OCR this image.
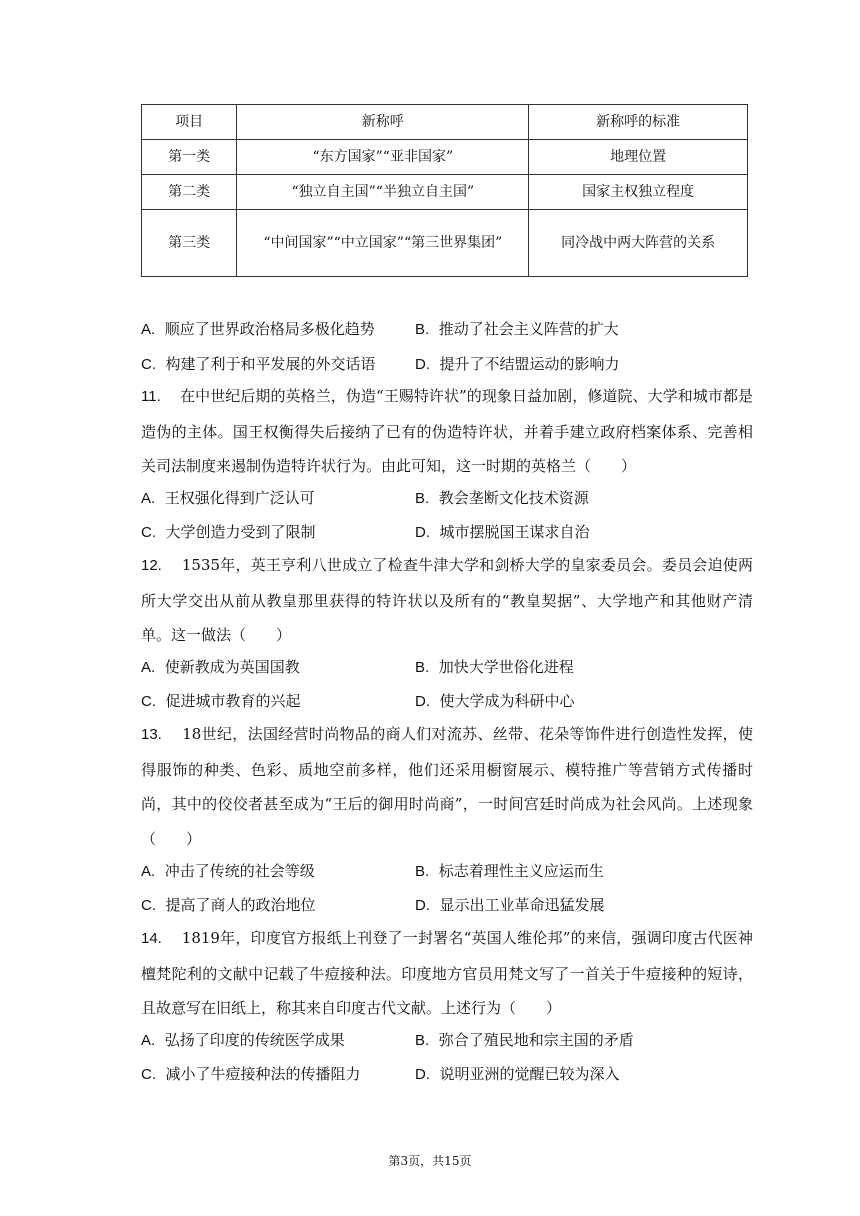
项目	新称呼	新称呼的标准
第一类	“东方国家”“亚非国家”	地理位置
第二类	“独立自主国”“半独立自主国”	国家主权独立程度
第三类	“中间国家”“中立国家”“第三世界集团”	同冷战中两大阵营的关系
A. 顺应了世界政治格局多极化趋势	B. 推动了社会主义阵营的扩大
C. 构建了利于和平发展的外交话语	D. 提升了不结盟运动的影响力
11. 在中世纪后期的英格兰，伪造“王赐特许状”的现象日益加剧，修道院、大学和城市都是造伪的主体。国王权衡得失后接纳了已有的伪造特许状，并着手建立政府档案体系、完善相关司法制度来遏制伪造特许状行为。由此可知，这一时期的英格兰（　　）
A. 王权强化得到广泛认可	B. 教会垄断文化技术资源
C. 大学创造力受到了限制	D. 城市摆脱国王谋求自治
12. 1535年，英王亨利八世成立了检查牛津大学和剑桥大学的皇家委员会。委员会迫使两所大学交出从前从教皇那里获得的特许状以及所有的“教皇契据”、大学地产和其他财产清单。这一做法（　　）
A. 使新教成为英国国教	B. 加快大学世俗化进程
C. 促进城市教育的兴起	D. 使大学成为科研中心
13. 18世纪，法国经营时尚物品的商人们对流苏、丝带、花朵等饰件进行创造性发挥，使得服饰的种类、色彩、质地空前多样，他们还采用橱窗展示、模特推广等营销方式传播时尚，其中的佼佼者甚至成为“王后的御用时尚商”，一时间宫廷时尚成为社会风尚。上述现象（　　）
A. 冲击了传统的社会等级	B. 标志着理性主义应运而生
C. 提高了商人的政治地位	D. 显示出工业革命迅猛发展
14. 1819年，印度官方报纸上刊登了一封署名“英国人维伦邦”的来信，强调印度古代医神檀梵陀利的文献中记载了牛痘接种法。印度地方官员用梵文写了一首关于牛痘接种的短诗，且故意写在旧纸上，称其来自印度古代文献。上述行为（　　）
A. 弘扬了印度的传统医学成果	B. 弥合了殖民地和宗主国的矛盾
C. 减小了牛痘接种法的传播阻力	D. 说明亚洲的觉醒已较为深入
第3页，共15页
